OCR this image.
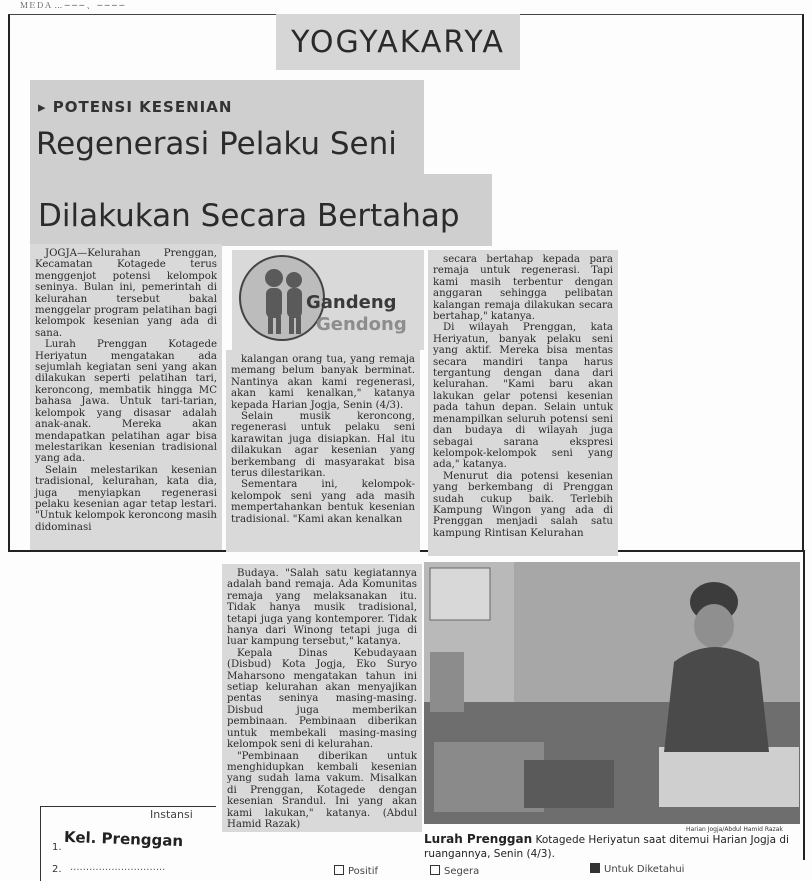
ＭＥＤＡ ... ─ ─ ─ 、 ─ ─ ─ ─
YOGYAKARYA
▸ POTENSI KESENIAN
Regenerasi Pelaku Seni
Dilakukan Secara Bertahap

JOGJA—Kelurahan Prenggan, Kecamatan Kotagede terus menggenjot potensi kelompok seninya. Bulan ini, pemerintah di kelurahan tersebut bakal menggelar program pelatihan bagi kelompok kesenian yang ada di sana.

Lurah Prenggan Kotagede Heriyatun mengatakan ada sejumlah kegiatan seni yang akan dilakukan seperti pelatihan tari, keroncong, membatik hingga MC bahasa Jawa. Untuk tari-tarian, kelompok yang disasar adalah anak-anak. Mereka akan mendapatkan pelatihan agar bisa melestarikan kesenian tradisional yang ada.

Selain melestarikan kesenian tradisional, kelurahan, kata dia, juga menyiapkan regenerasi pelaku kesenian agar tetap lestari. "Untuk kelompok keroncong masih didominasi

Gandeng
Gendong

kalangan orang tua, yang remaja memang belum banyak berminat. Nantinya akan kami regenerasi, akan kami kenalkan," katanya kepada Harian Jogja, Senin (4/3).

Selain musik keroncong, regenerasi untuk pelaku seni karawitan juga disiapkan. Hal itu dilakukan agar kesenian yang berkembang di masyarakat bisa terus dilestarikan.

Sementara ini, kelompok-kelompok seni yang ada masih mempertahankan bentuk kesenian tradisional. "Kami akan kenalkan

secara bertahap kepada para remaja untuk regenerasi. Tapi kami masih terbentur dengan anggaran sehingga pelibatan kalangan remaja dilakukan secara bertahap," katanya.

Di wilayah Prenggan, kata Heriyatun, banyak pelaku seni yang aktif. Mereka bisa mentas secara mandiri tanpa harus tergantung dengan dana dari kelurahan. "Kami baru akan lakukan gelar potensi kesenian pada tahun depan. Selain untuk menampilkan seluruh potensi seni dan budaya di wilayah juga sebagai sarana ekspresi kelompok-kelompok seni yang ada," katanya.

Menurut dia potensi kesenian yang berkembang di Prenggan sudah cukup baik. Terlebih Kampung Wingon yang ada di Prenggan menjadi salah satu kampung Rintisan Kelurahan

Budaya. "Salah satu kegiatannya adalah band remaja. Ada Komunitas remaja yang melaksanakan itu. Tidak hanya musik tradisional, tetapi juga yang kontemporer. Tidak hanya dari Winong tetapi juga di luar kampung tersebut," katanya.

Kepala Dinas Kebudayaan (Disbud) Kota Jogja, Eko Suryo Maharsono mengatakan tahun ini setiap kelurahan akan menyajikan pentas seninya masing-masing. Disbud juga memberikan pembinaan. Pembinaan diberikan untuk membekali masing-masing kelompok seni di kelurahan.

"Pembinaan diberikan untuk menghidupkan kembali kesenian yang sudah lama vakum. Misalkan di Prenggan, Kotagede dengan kesenian Srandul. Ini yang akan kami lakukan," katanya. (Abdul Hamid Razak)	Harian Jogja/Abdul Hamid Razak
Lurah Prenggan Kotagede Heriyatun saat ditemui Harian Jogja di ruangannya, Senin (4/3).
Instansi
1. Kel. Prenggan
2. ..............................	Positif	Segera	Untuk Diketahui
